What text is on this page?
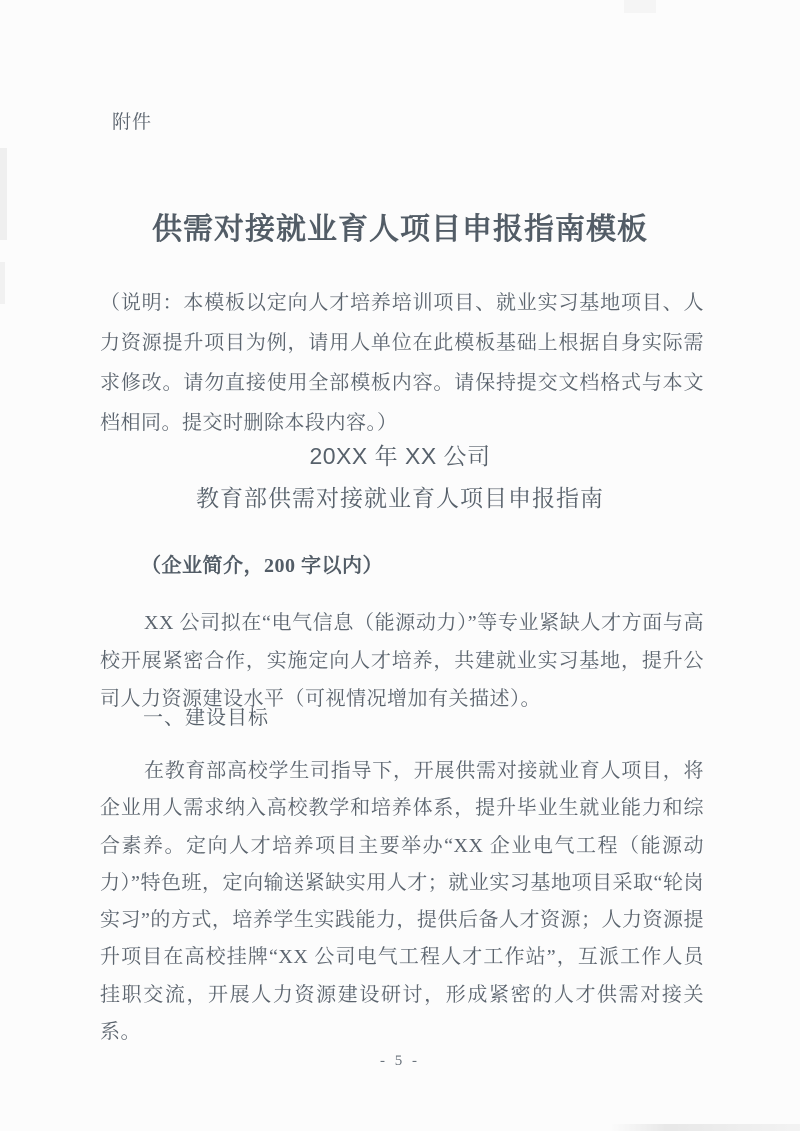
附件
供需对接就业育人项目申报指南模板

（说明：本模板以定向人才培养培训项目、就业实习基地项目、人力资源提升项目为例，请用人单位在此模板基础上根据自身实际需求修改。请勿直接使用全部模板内容。请保持提交文档格式与本文档相同。提交时删除本段内容。）

20XX 年 XX 公司
教育部供需对接就业育人项目申报指南
（企业简介，200 字以内）

XX 公司拟在“电气信息（能源动力）”等专业紧缺人才方面与高校开展紧密合作，实施定向人才培养，共建就业实习基地，提升公司人力资源建设水平（可视情况增加有关描述）。

一、建设目标

在教育部高校学生司指导下，开展供需对接就业育人项目，将企业用人需求纳入高校教学和培养体系，提升毕业生就业能力和综合素养。定向人才培养项目主要举办“XX 企业电气工程（能源动力）”特色班，定向输送紧缺实用人才；就业实习基地项目采取“轮岗实习”的方式，培养学生实践能力，提供后备人才资源；人力资源提升项目在高校挂牌“XX 公司电气工程人才工作站”，互派工作人员挂职交流，开展人力资源建设研讨，形成紧密的人才供需对接关系。

- 5 -
